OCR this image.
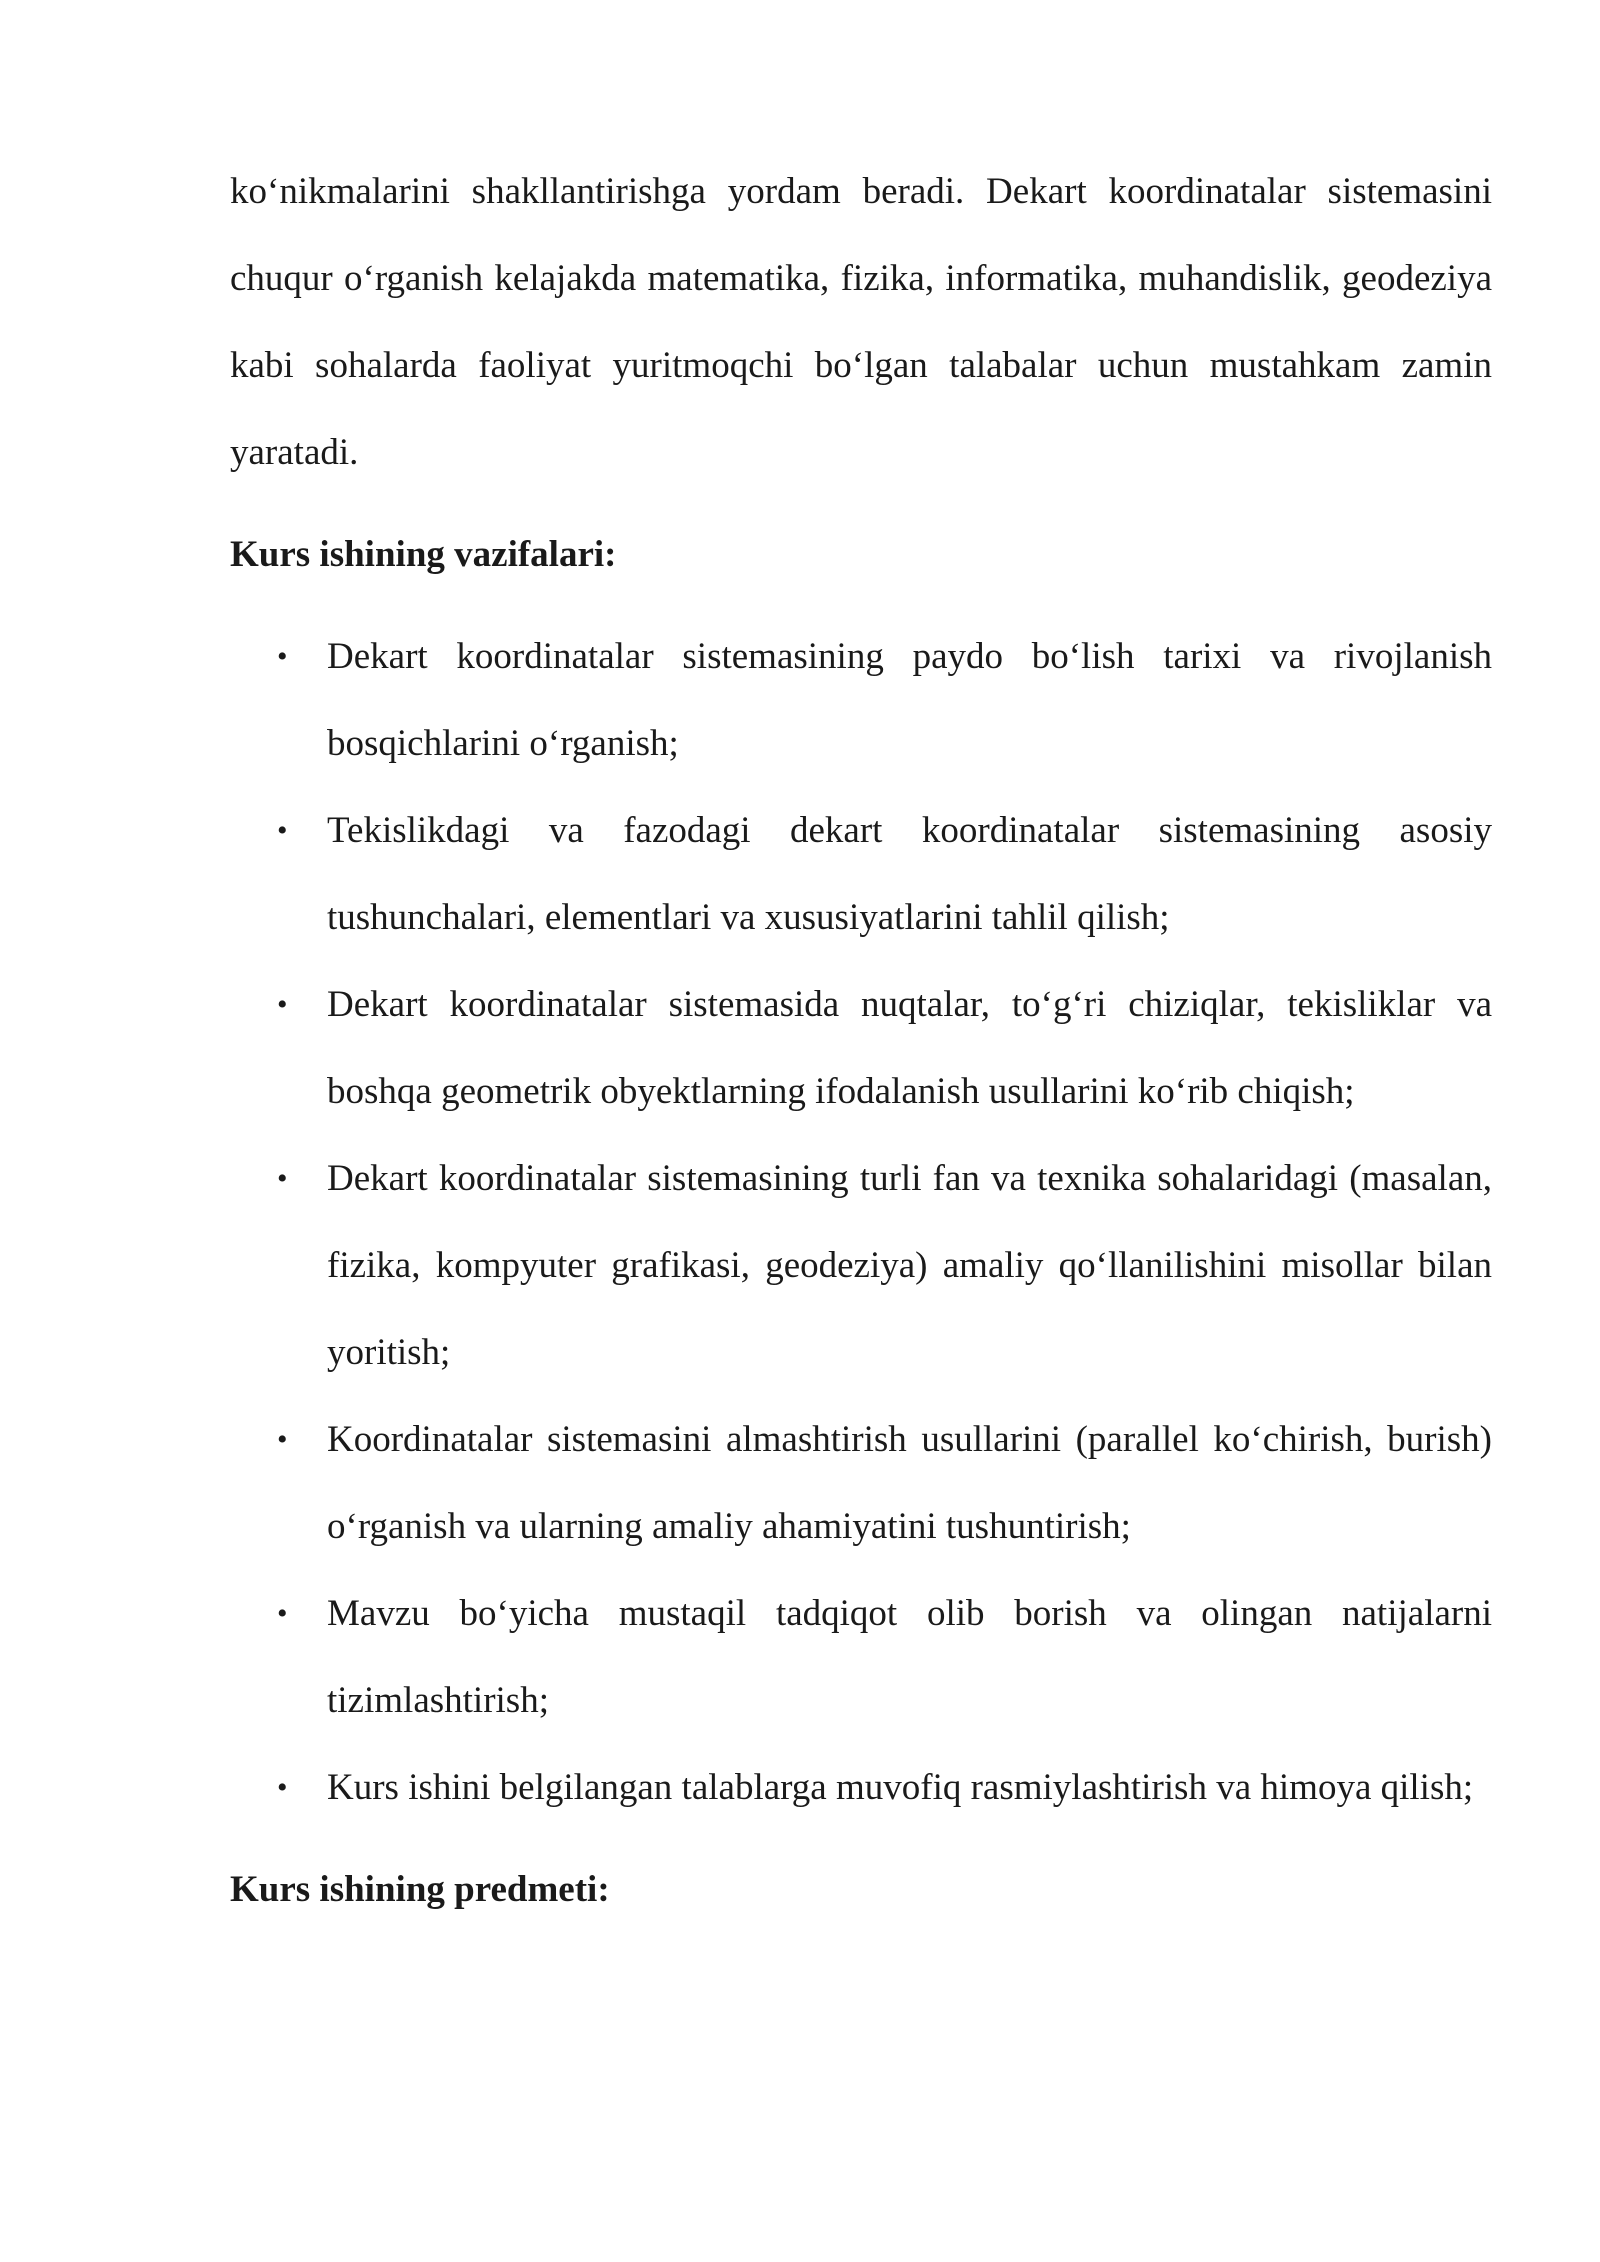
ko‘nikmalarini shakllantirishga yordam beradi. Dekart koordinatalar sistemasini chuqur o‘rganish kelajakda matematika, fizika, informatika, muhandislik, geodeziya kabi sohalarda faoliyat yuritmoqchi bo‘lgan talabalar uchun mustahkam zamin yaratadi.

Kurs ishining vazifalari:
• Dekart koordinatalar sistemasining paydo bo‘lish tarixi va rivojlanish bosqichlarini o‘rganish;
• Tekislikdagi va fazodagi dekart koordinatalar sistemasining asosiy tushunchalari, elementlari va xususiyatlarini tahlil qilish;
• Dekart koordinatalar sistemasida nuqtalar, to‘g‘ri chiziqlar, tekisliklar va boshqa geometrik obyektlarning ifodalanish usullarini ko‘rib chiqish;
• Dekart koordinatalar sistemasining turli fan va texnika sohalaridagi (masalan, fizika, kompyuter grafikasi, geodeziya) amaliy qo‘llanilishini misollar bilan yoritish;
• Koordinatalar sistemasini almashtirish usullarini (parallel ko‘chirish, burish) o‘rganish va ularning amaliy ahamiyatini tushuntirish;
• Mavzu bo‘yicha mustaqil tadqiqot olib borish va olingan natijalarni tizimlashtirish;
• Kurs ishini belgilangan talablarga muvofiq rasmiylashtirish va himoya qilish;
Kurs ishining predmeti:
